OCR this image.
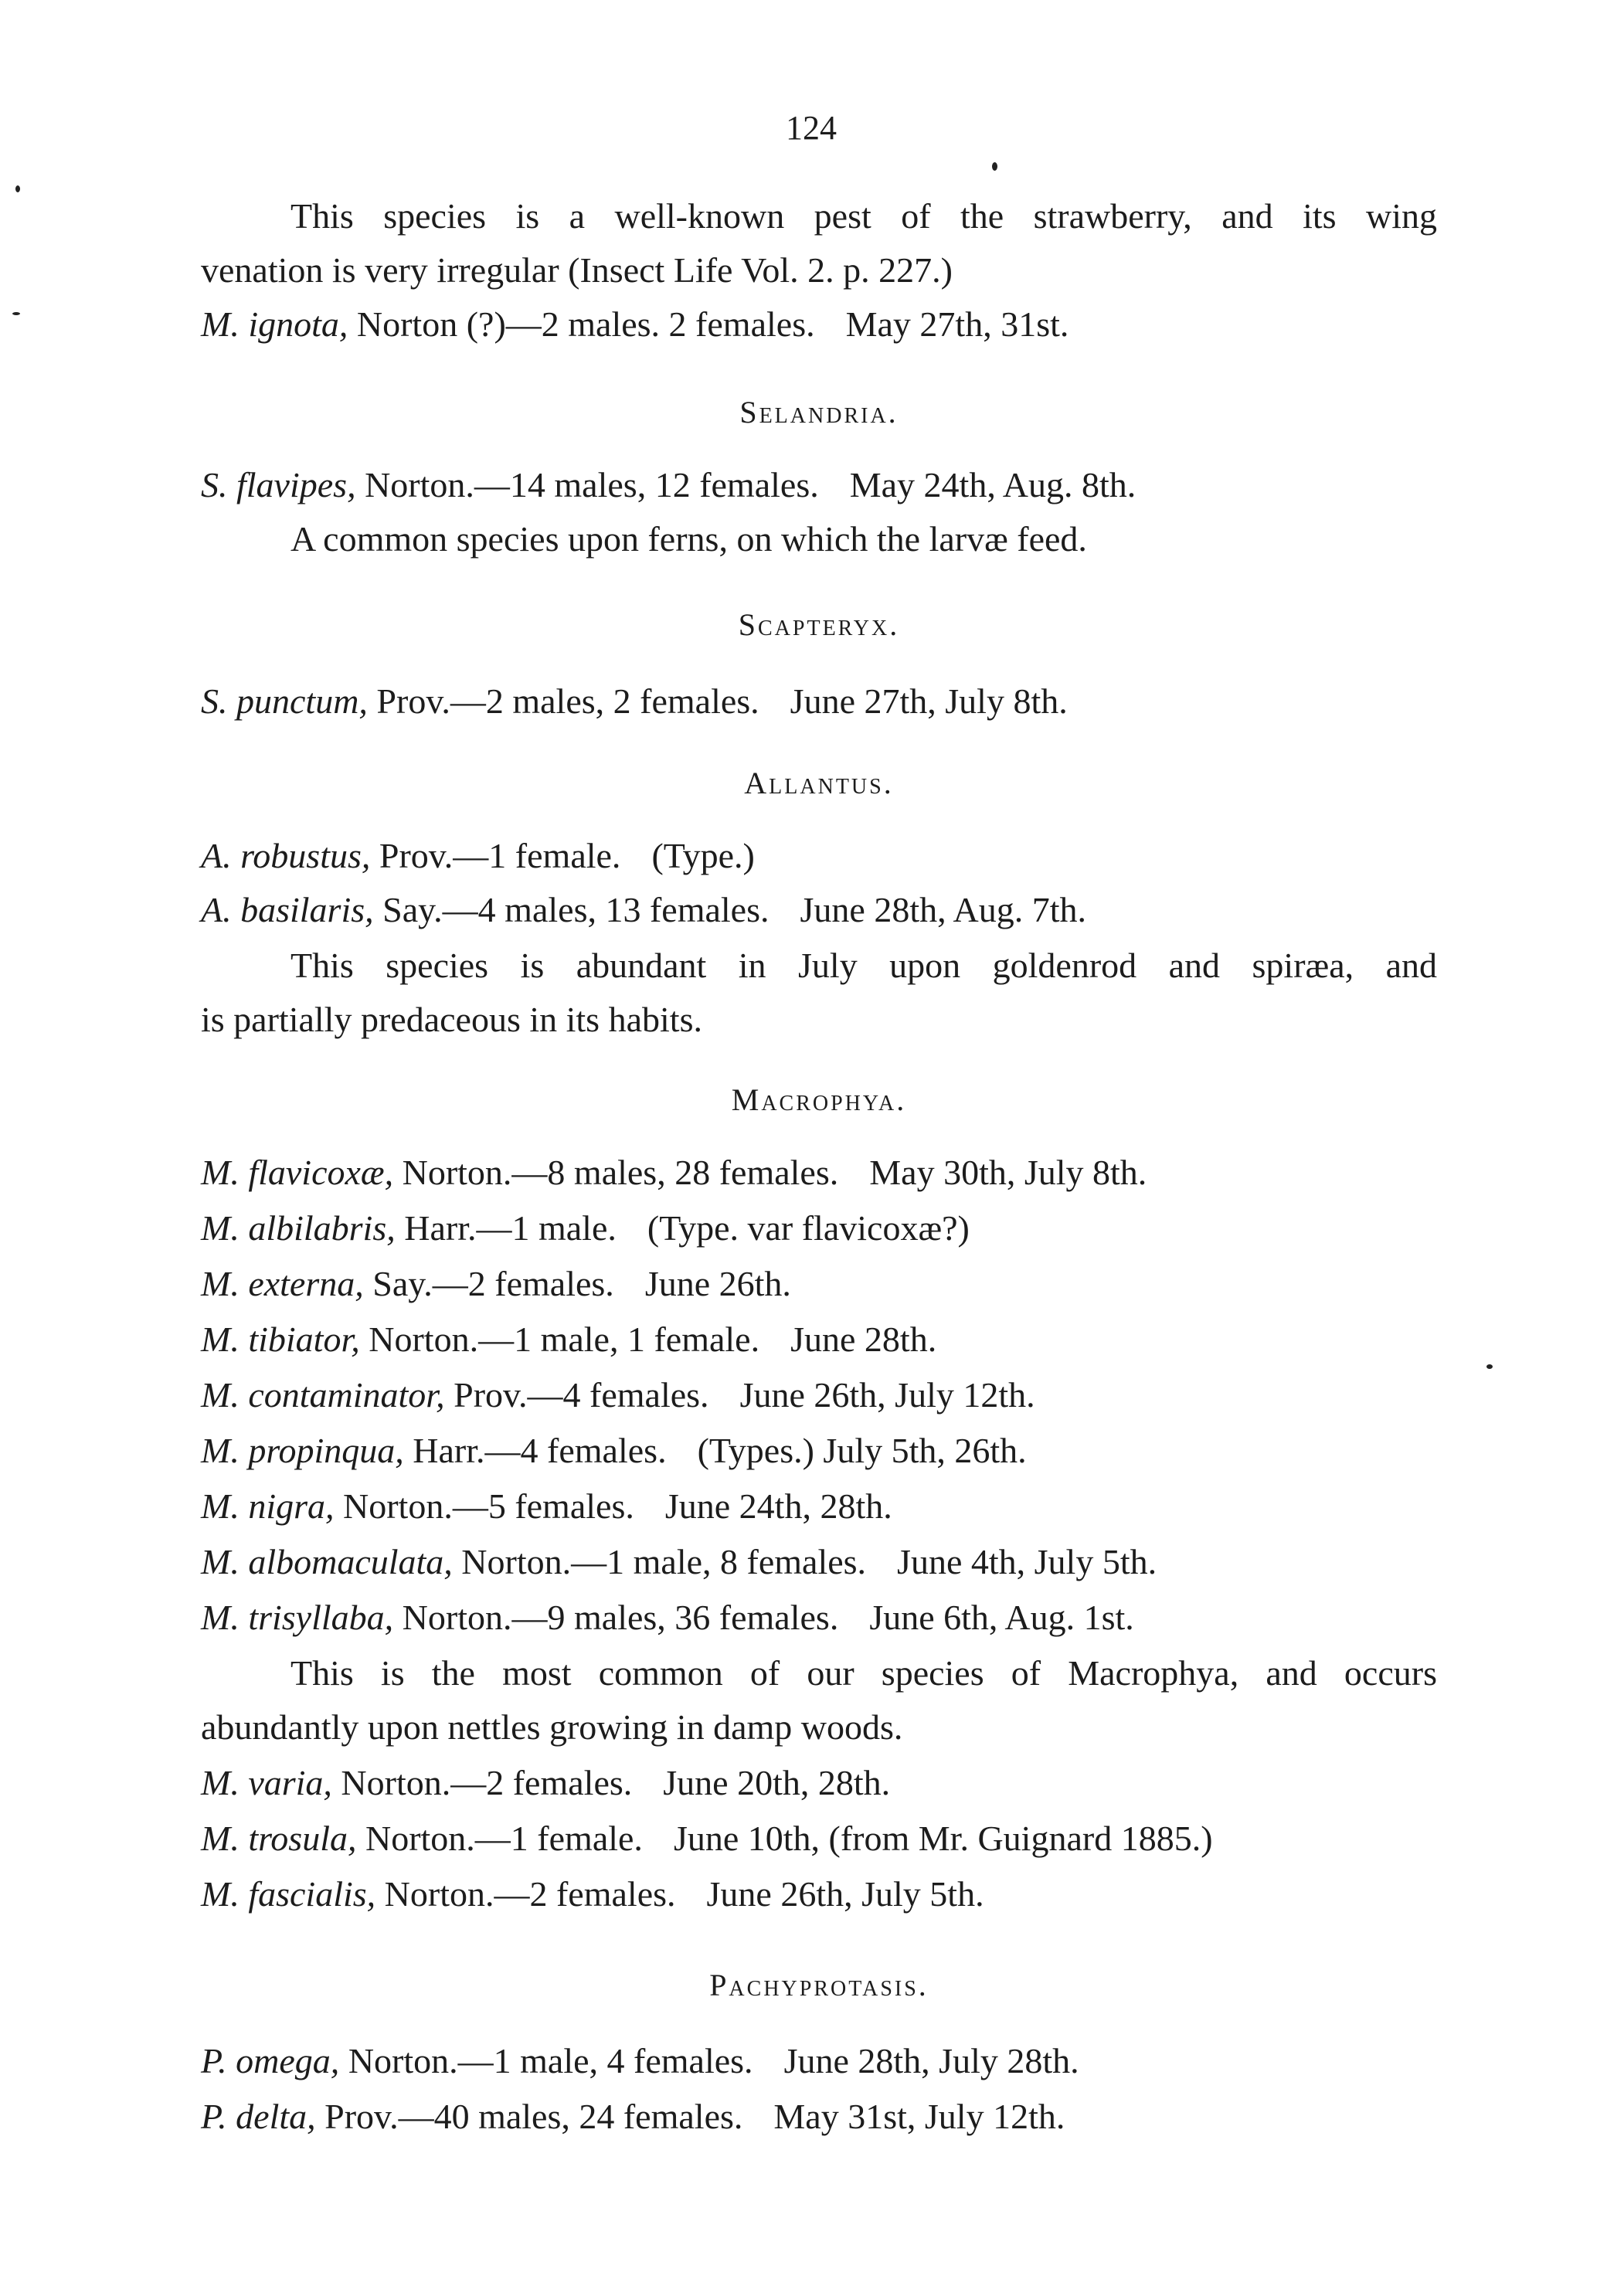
124
This species is a well-known pest of the strawberry, and its wing
venation is very irregular (Insect Life Vol. 2. p. 227.)
M. ignota, Norton (?)—2 males. 2 females. May 27th, 31st.
Selandria.
S. flavipes, Norton.—14 males, 12 females. May 24th, Aug. 8th.
A common species upon ferns, on which the larvæ feed.
Scapteryx.
S. punctum, Prov.—2 males, 2 females. June 27th, July 8th.
Allantus.
A. robustus, Prov.—1 female. (Type.)
A. basilaris, Say.—4 males, 13 females. June 28th, Aug. 7th.
This species is abundant in July upon goldenrod and spiræa, and
is partially predaceous in its habits.
Macrophya.
M. flavicoxæ, Norton.—8 males, 28 females. May 30th, July 8th.
M. albilabris, Harr.—1 male. (Type. var flavicoxæ?)
M. externa, Say.—2 females. June 26th.
M. tibiator, Norton.—1 male, 1 female. June 28th.
M. contaminator, Prov.—4 females. June 26th, July 12th.
M. propinqua, Harr.—4 females. (Types.) July 5th, 26th.
M. nigra, Norton.—5 females. June 24th, 28th.
M. albomaculata, Norton.—1 male, 8 females. June 4th, July 5th.
M. trisyllaba, Norton.—9 males, 36 females. June 6th, Aug. 1st.
This is the most common of our species of Macrophya, and occurs
abundantly upon nettles growing in damp woods.
M. varia, Norton.—2 females. June 20th, 28th.
M. trosula, Norton.—1 female. June 10th, (from Mr. Guignard 1885.)
M. fascialis, Norton.—2 females. June 26th, July 5th.
Pachyprotasis.
P. omega, Norton.—1 male, 4 females. June 28th, July 28th.
P. delta, Prov.—40 males, 24 females. May 31st, July 12th.
